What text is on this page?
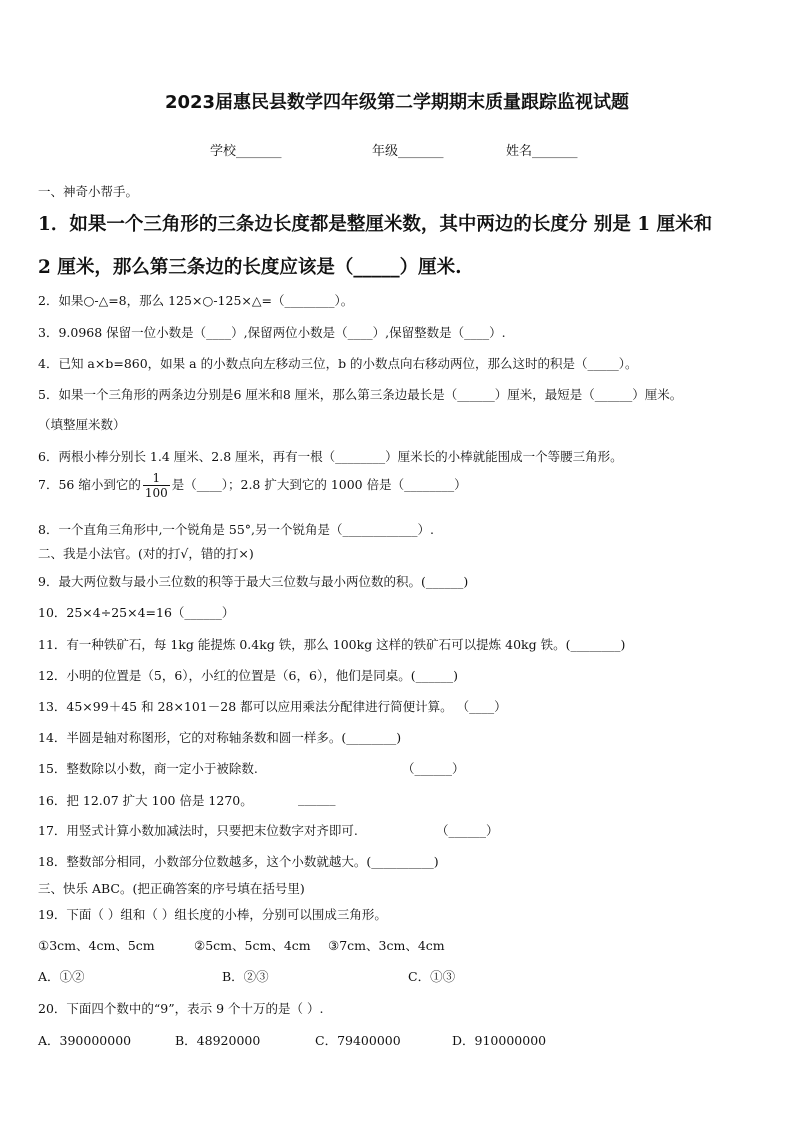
2023届惠民县数学四年级第二学期期末质量跟踪监视试题
学校_______	年级_______	姓名_______
一、神奇小帮手。
1．如果一个三角形的三条边长度都是整厘米数，其中两边的长度分 别是 1 厘米和
2 厘米，那么第三条边的长度应该是（_____）厘米.
2．如果○-△=8，那么 125×○-125×△=（________）。
3．9.0968 保留一位小数是（____）,保留两位小数是（____）,保留整数是（____）.
4．已知 a×b=860，如果 a 的小数点向左移动三位，b 的小数点向右移动两位，那么这时的积是（_____）。
5．如果一个三角形的两条边分别是6 厘米和8 厘米，那么第三条边最长是（______）厘米，最短是（______）厘米。
（填整厘米数）
6．两根小棒分别长 1.4 厘米、2.8 厘米，再有一根（________）厘米长的小棒就能围成一个等腰三角形。
7．56 缩小到它的 $\frac{1}{100}$ 是（____）；2.8 扩大到它的 1000 倍是（________）
8．一个直角三角形中,一个锐角是 55°,另一个锐角是（____________）.
二、我是小法官。(对的打√，错的打×)
9．最大两位数与最小三位数的积等于最大三位数与最小两位数的积。(______)
10．25×4÷25×4=16（______）
11．有一种铁矿石，每 1kg 能提炼 0.4kg 铁，那么 100kg 这样的铁矿石可以提炼 40kg 铁。(________)
12．小明的位置是（5，6），小红的位置是（6，6），他们是同桌。(______)
13．45×99＋45 和 28×101－28 都可以应用乘法分配律进行简便计算。 （____）
14．半圆是轴对称图形，它的对称轴条数和圆一样多。(________)
15．整数除以小数，商一定小于被除数.	（______）
16．把 12.07 扩大 100 倍是 1270。	______
17．用竖式计算小数加减法时，只要把末位数字对齐即可.	（______）
18．整数部分相同，小数部分位数越多，这个小数就越大。(__________)
三、快乐 ABC。(把正确答案的序号填在括号里)
19．下面（ ）组和（ ）组长度的小棒，分别可以围成三角形。
①3cm、4cm、5cm	②5cm、5cm、4cm ③7cm、3cm、4cm
A．①②	B．②③	C．①③
20．下面四个数中的“9”，表示 9 个十万的是（ ）.
A．390000000	B．48920000	C．79400000	D．910000000
